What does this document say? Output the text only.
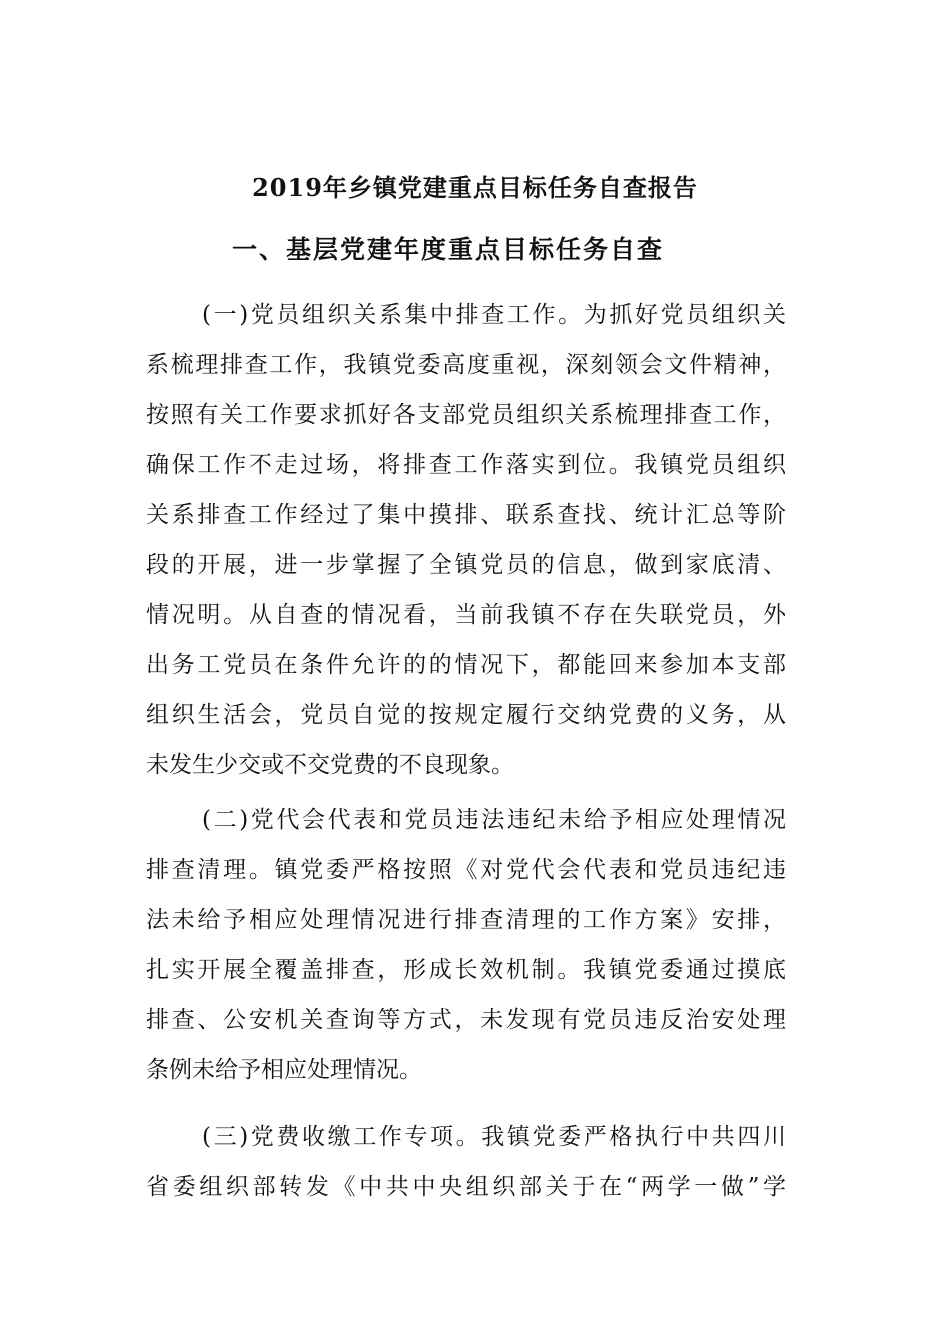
2019年乡镇党建重点目标任务自查报告
一、基层党建年度重点目标任务自查
(一)党员组织关系集中排查工作。为抓好党员组织关
系梳理排查工作，我镇党委高度重视，深刻领会文件精神，
按照有关工作要求抓好各支部党员组织关系梳理排查工作，
确保工作不走过场，将排查工作落实到位。我镇党员组织
关系排查工作经过了集中摸排、联系查找、统计汇总等阶
段的开展，进一步掌握了全镇党员的信息，做到家底清、
情况明。从自查的情况看，当前我镇不存在失联党员，外
出务工党员在条件允许的的情况下，都能回来参加本支部
组织生活会，党员自觉的按规定履行交纳党费的义务，从
未发生少交或不交党费的不良现象。
(二)党代会代表和党员违法违纪未给予相应处理情况
排查清理。镇党委严格按照《对党代会代表和党员违纪违
法未给予相应处理情况进行排查清理的工作方案》安排，
扎实开展全覆盖排查，形成长效机制。我镇党委通过摸底
排查、公安机关查询等方式，未发现有党员违反治安处理
条例未给予相应处理情况。
(三)党费收缴工作专项。我镇党委严格执行中共四川
省委组织部转发《中共中央组织部关于在“两学一做”学
